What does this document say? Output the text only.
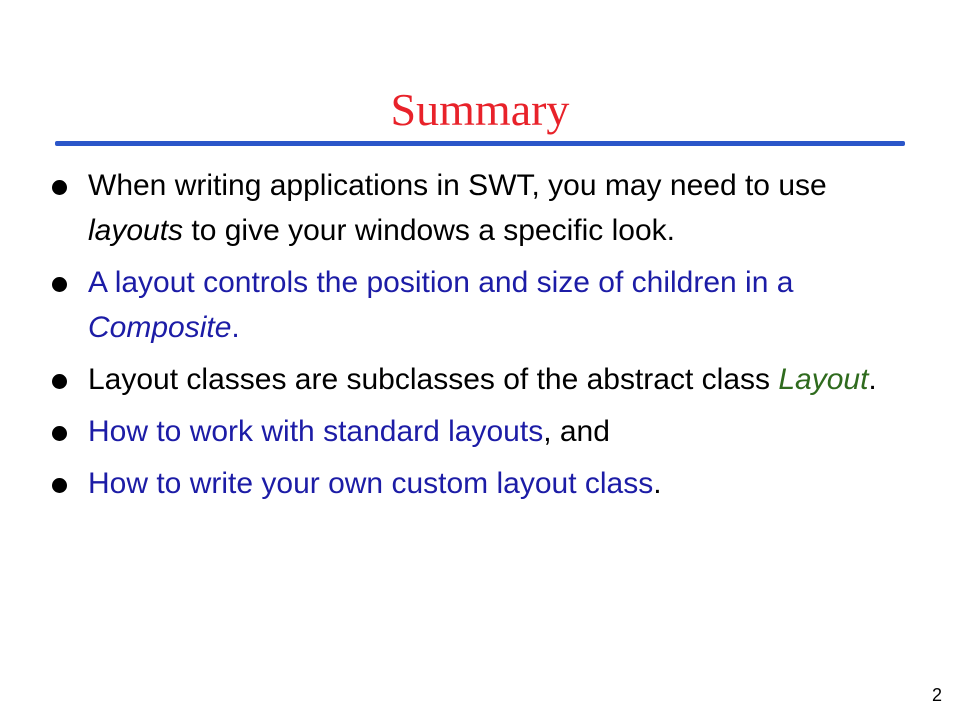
Summary
When writing applications in SWT, you may need to use layouts to give your windows a specific look.
A layout controls the position and size of children in a Composite.
Layout classes are subclasses of the abstract class Layout.
How to work with standard layouts, and
How to write your own custom layout class.
2
